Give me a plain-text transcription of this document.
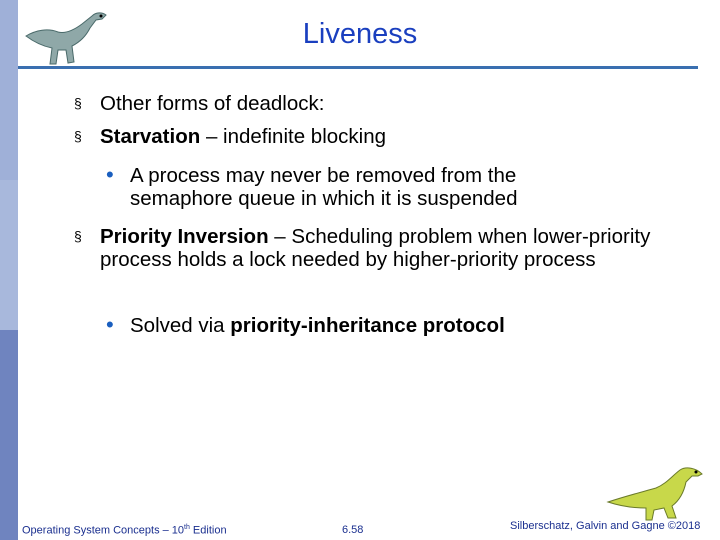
Liveness
§ Other forms of deadlock:
§ Starvation – indefinite blocking
• A process may never be removed from the semaphore queue in which it is suspended
§ Priority Inversion – Scheduling problem when lower-priority process holds a lock needed by higher-priority process
• Solved via priority-inheritance protocol
Operating System Concepts – 10th Edition	6.58	Silberschatz, Galvin and Gagne ©2018
